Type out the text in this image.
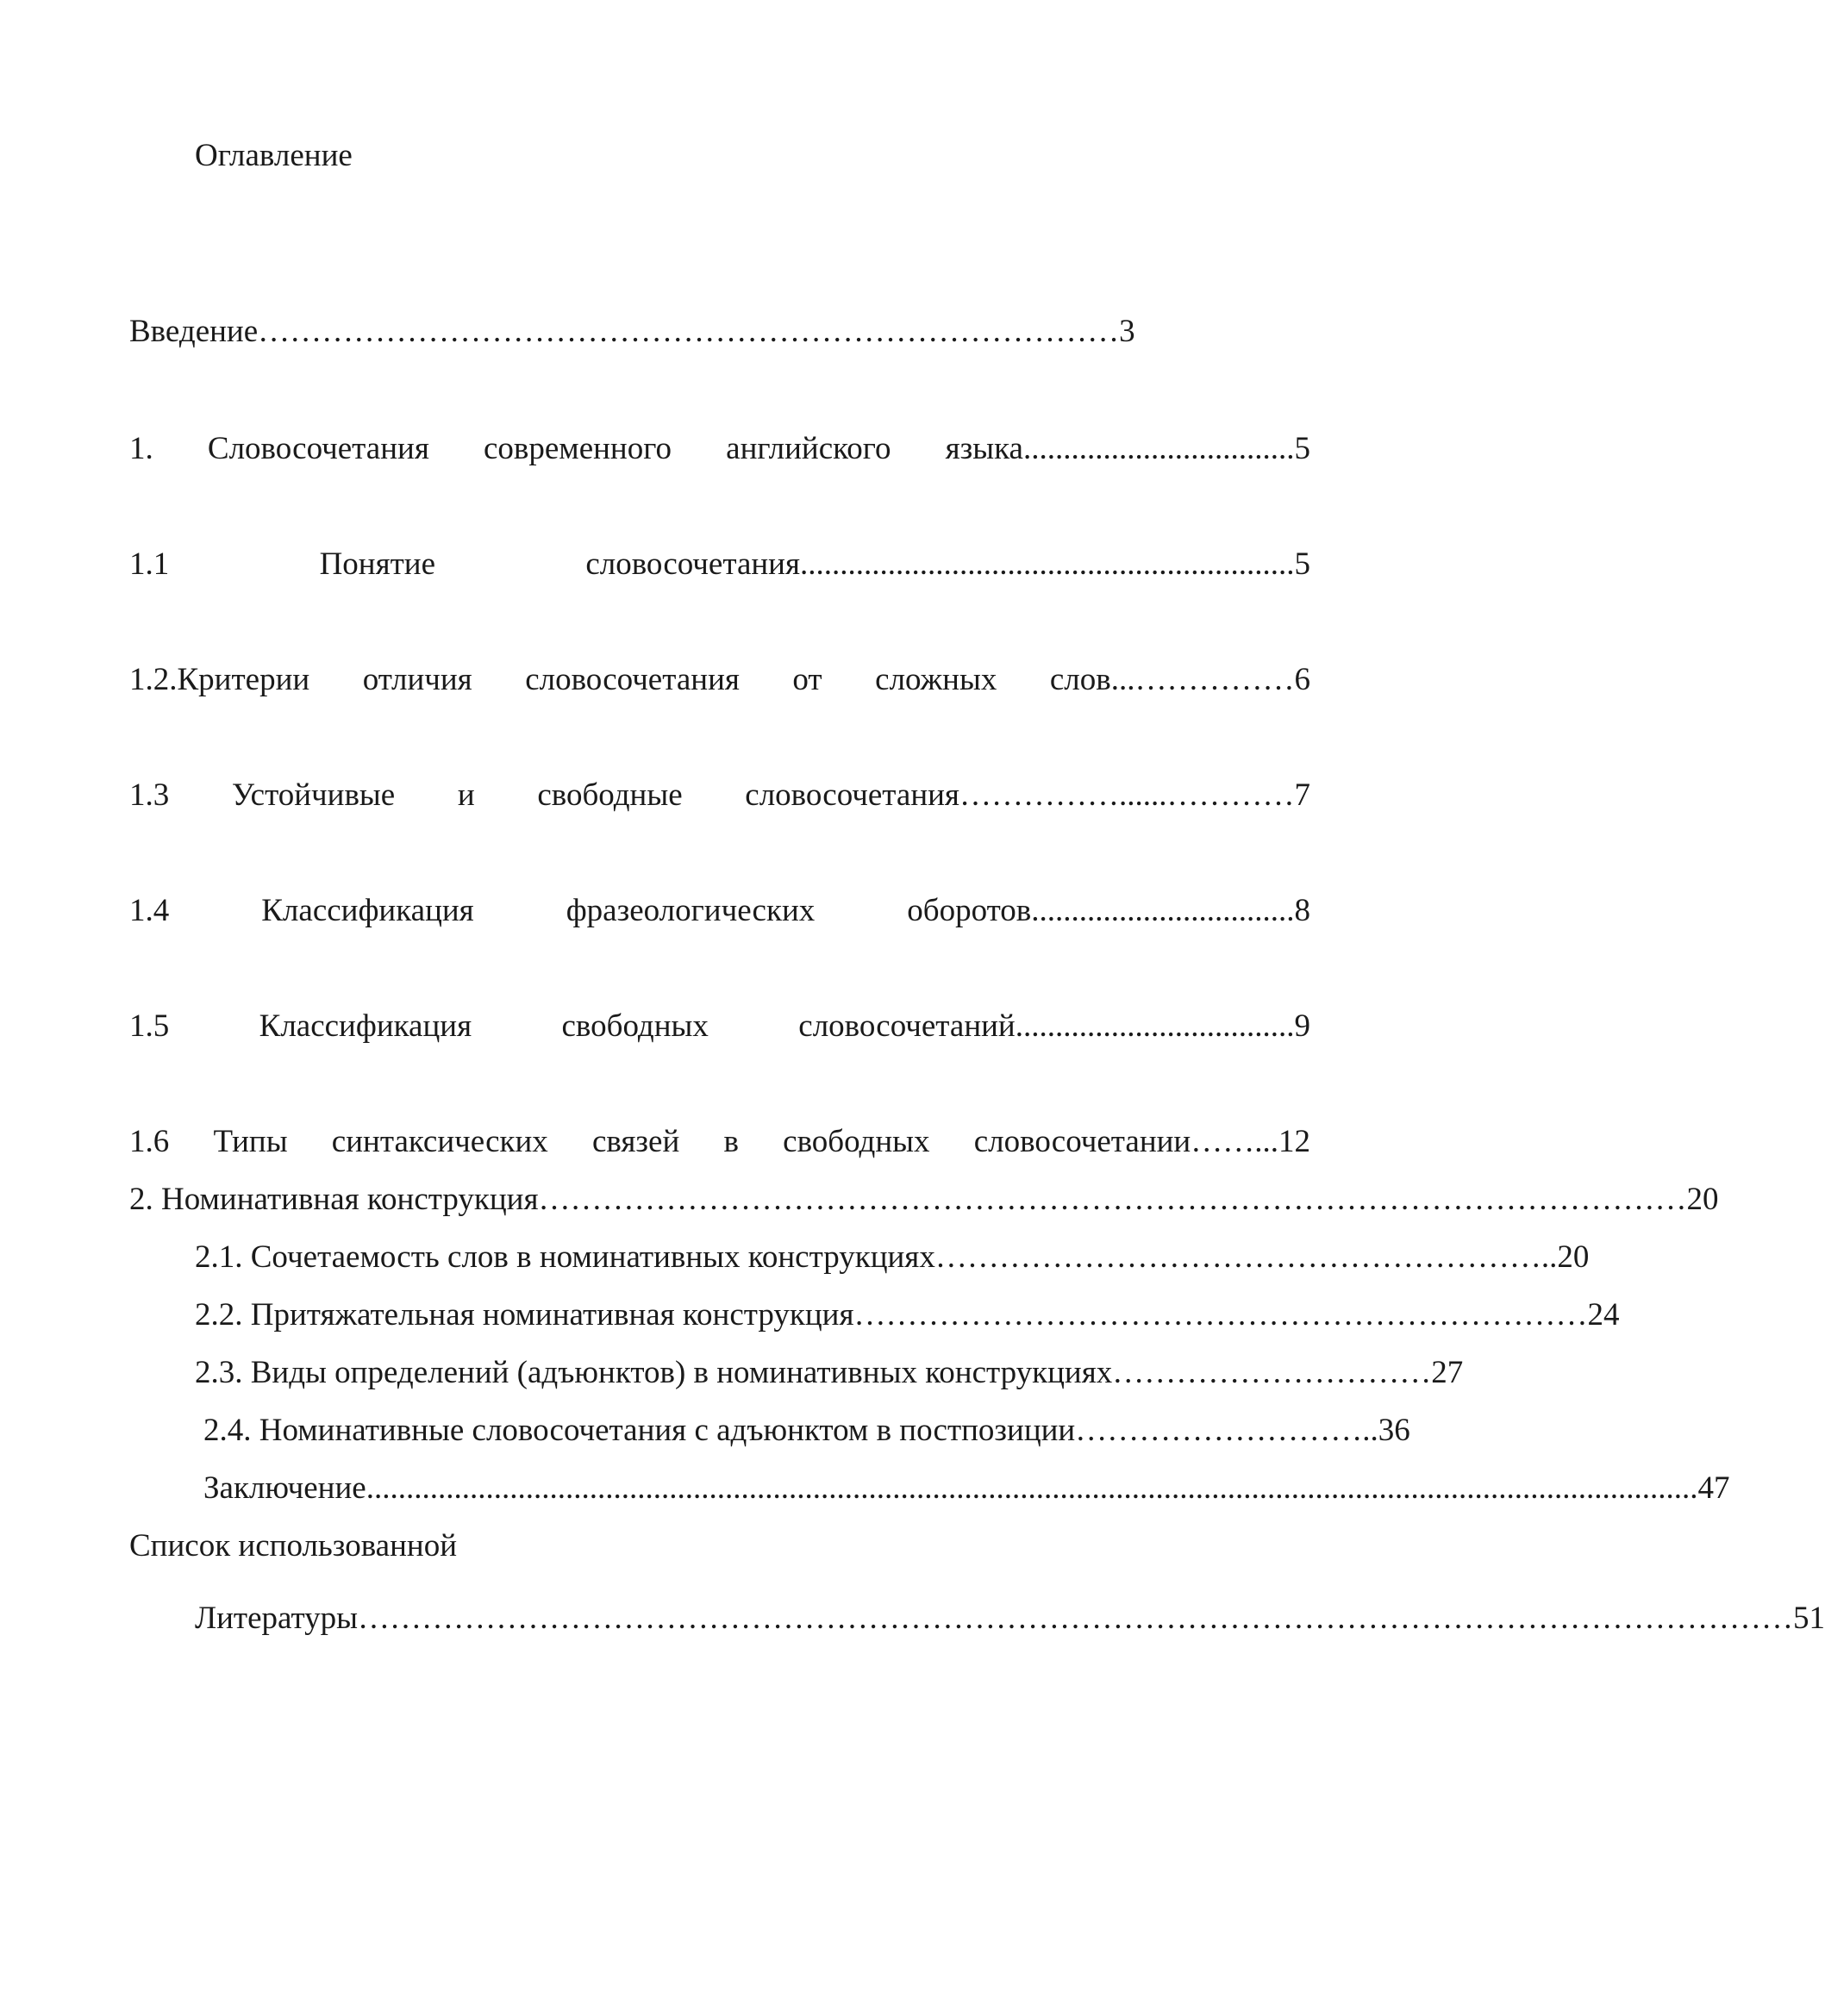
Оглавление
Введение………………………………………………………………………3
1. Словосочетания современного английского языка..................................5
1.1	Понятие	словосочетания..............................................................5
1.2.Критерии отличия словосочетания от сложных слов...……………6
1.3 Устойчивые и свободные словосочетания……………......…………7
1.4	Классификация	фразеологических	оборотов.................................8
1.5	Классификация	свободных	словосочетаний...................................9
1.6 Типы синтаксических связей в свободных словосочетании……...12
2. Номинативная конструкция ……………………………………………………………………………………………… 20
2.1. Сочетаемость слов в номинативных конструкциях ………………………………………………….. 20
2.2. Притяжательная номинативная конструкция …………………………………………………………… 24
2.3. Виды определений (адъюнктов) в номинативных конструкциях ………………………… 27
2.4. Номинативные словосочетания с адъюнктом в постпозиции ……………………….. 36
Заключение ....................................................................................................................................................................... 47
Список использованной
Литературы ……………………………………………………………………………………………………………………… 51
